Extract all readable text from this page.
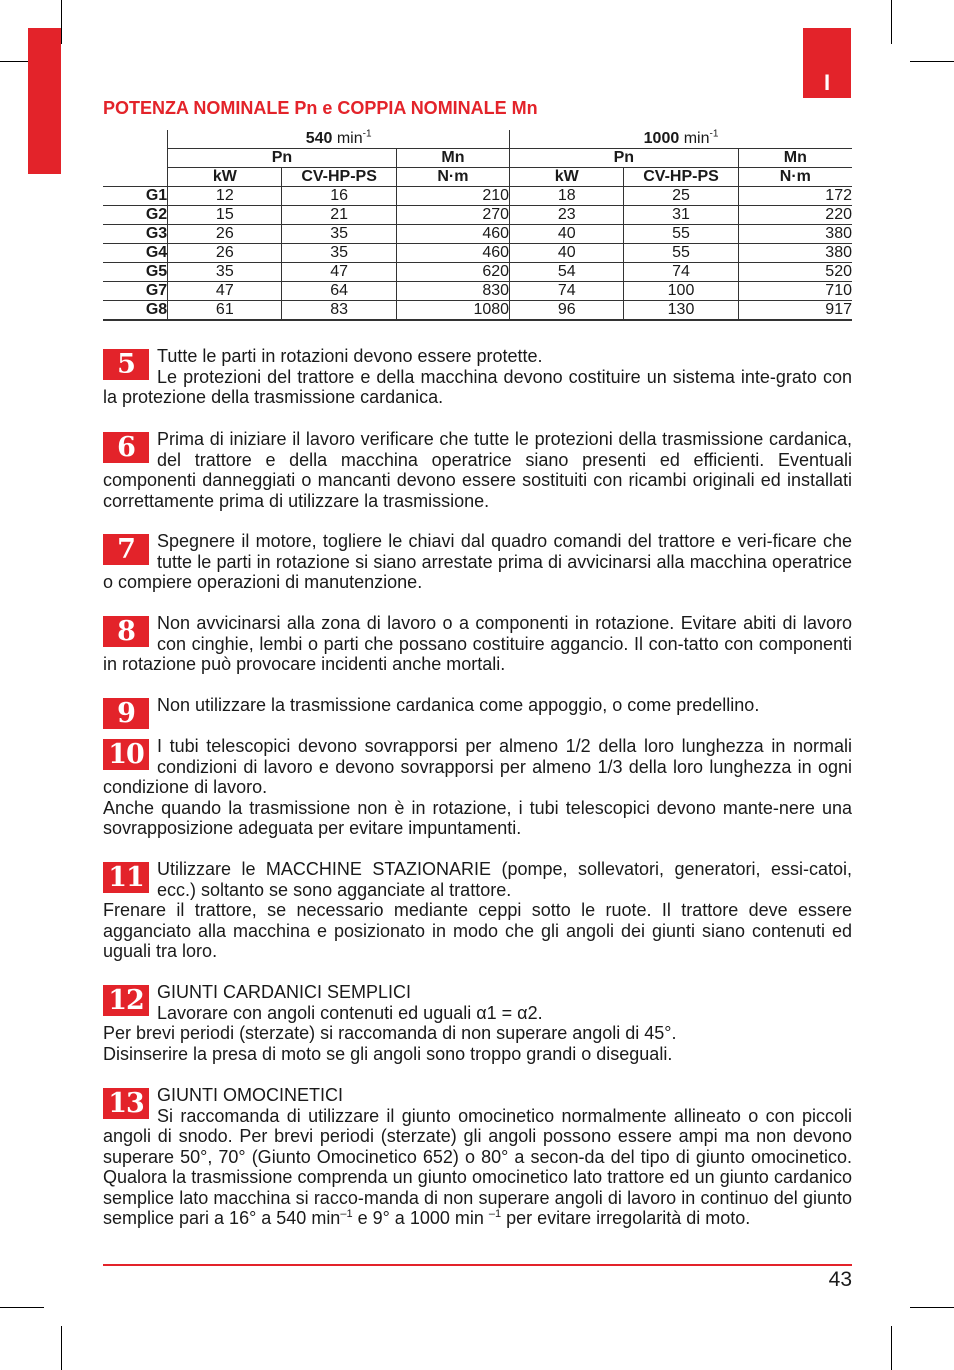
I
POTENZA NOMINALE Pn e COPPIA NOMINALE Mn
	540 $\min^{-1}$			1000 $\min^{-1}$
	Pn		Mn	Pn		Mn
	kW	CV-HP-PS	N·m	kW	CV-HP-PS	N·m
G1	12	16	210	18	25	172
G2	15	21	270	23	31	220
G3	26	35	460	40	55	380
G4	26	35	460	40	55	380
G5	35	47	620	54	74	520
G7	47	64	830	74	100	710
G8	61	83	1080	96	130	917
5	Tutte le parti in rotazioni devono essere protette.

Le protezioni del trattore e della macchina devono costituire un sistema inte-grato con la protezione della trasmissione cardanica.

6	Prima di iniziare il lavoro verificare che tutte le protezioni della trasmissione cardanica, del trattore e della macchina operatrice siano presenti ed efficienti. Eventuali componenti danneggiati o mancanti devono essere sostituiti con ricambi originali ed installati correttamente prima di utilizzare la trasmissione.

7	Spegnere il motore, togliere le chiavi dal quadro comandi del trattore e veri-ficare che tutte le parti in rotazione si siano arrestate prima di avvicinarsi alla macchina operatrice o compiere operazioni di manutenzione.

8	Non avvicinarsi alla zona di lavoro o a componenti in rotazione. Evitare abiti di lavoro con cinghie, lembi o parti che possano costituire aggancio. Il con-tatto con componenti in rotazione può provocare incidenti anche mortali.

9	Non utilizzare la trasmissione cardanica come appoggio, o come predellino.

10 I tubi telescopici devono sovrapporsi per almeno 1/2 della loro lunghezza in normali condizioni di lavoro e devono sovrapporsi per almeno 1/3 della loro lunghezza in ogni condizione di lavoro.

Anche quando la trasmissione non è in rotazione, i tubi telescopici devono mante-nere una sovrapposizione adeguata per evitare impuntamenti.

11 Utilizzare le MACCHINE STAZIONARIE (pompe, sollevatori, generatori, essi-catoi, ecc.) soltanto se sono agganciate al trattore.

Frenare il trattore, se necessario mediante ceppi sotto le ruote. Il trattore deve essere agganciato alla macchina e posizionato in modo che gli angoli dei giunti siano contenuti ed uguali tra loro.

12 GIUNTI CARDANICI SEMPLICI

Lavorare con angoli contenuti ed uguali α1 = α2.

Per brevi periodi (sterzate) si raccomanda di non superare angoli di 45°.

Disinserire la presa di moto se gli angoli sono troppo grandi o diseguali.

13 GIUNTI OMOCINETICI

Si raccomanda di utilizzare il giunto omocinetico normalmente allineato o con piccoli angoli di snodo. Per brevi periodi (sterzate) gli angoli possono essere ampi ma non devono superare 50°, 70° (Giunto Omocinetico 652) o 80° a secon-da del tipo di giunto omocinetico. Qualora la trasmissione comprenda un giunto omocinetico lato trattore ed un giunto cardanico semplice lato macchina si racco-manda di non superare angoli di lavoro in continuo del giunto semplice pari a 16° a 540 $\min^{-1} e$ 9° a 1000 min $^{-1}$ per evitare irregolarità di moto.

43
